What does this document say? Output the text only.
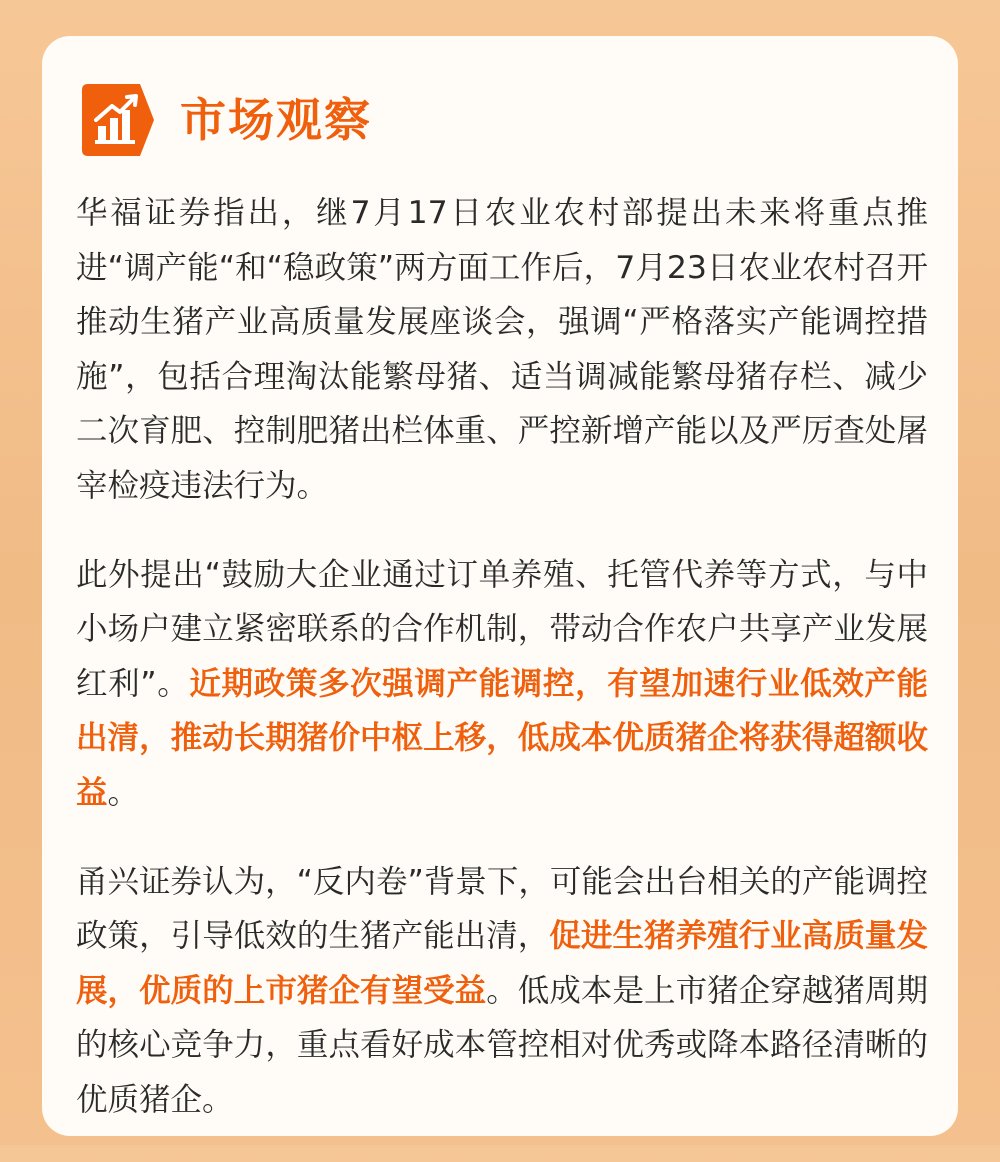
市场观察

华福证券指出，继7月17日农业农村部提出未来将重点推进“调产能“和“稳政策”两方面工作后，7月23日农业农村召开推动生猪产业高质量发展座谈会，强调“严格落实产能调控措施”，包括合理淘汰能繁母猪、适当调减能繁母猪存栏、减少二次育肥、控制肥猪出栏体重、严控新增产能以及严厉查处屠宰检疫违法行为。

此外提出“鼓励大企业通过订单养殖、托管代养等方式，与中小场户建立紧密联系的合作机制，带动合作农户共享产业发展红利”。近期政策多次强调产能调控，有望加速行业低效产能出清，推动长期猪价中枢上移，低成本优质猪企将获得超额收益。

甬兴证券认为，“反内卷”背景下，可能会出台相关的产能调控政策，引导低效的生猪产能出清，促进生猪养殖行业高质量发展，优质的上市猪企有望受益。低成本是上市猪企穿越猪周期的核心竞争力，重点看好成本管控相对优秀或降本路径清晰的优质猪企。
